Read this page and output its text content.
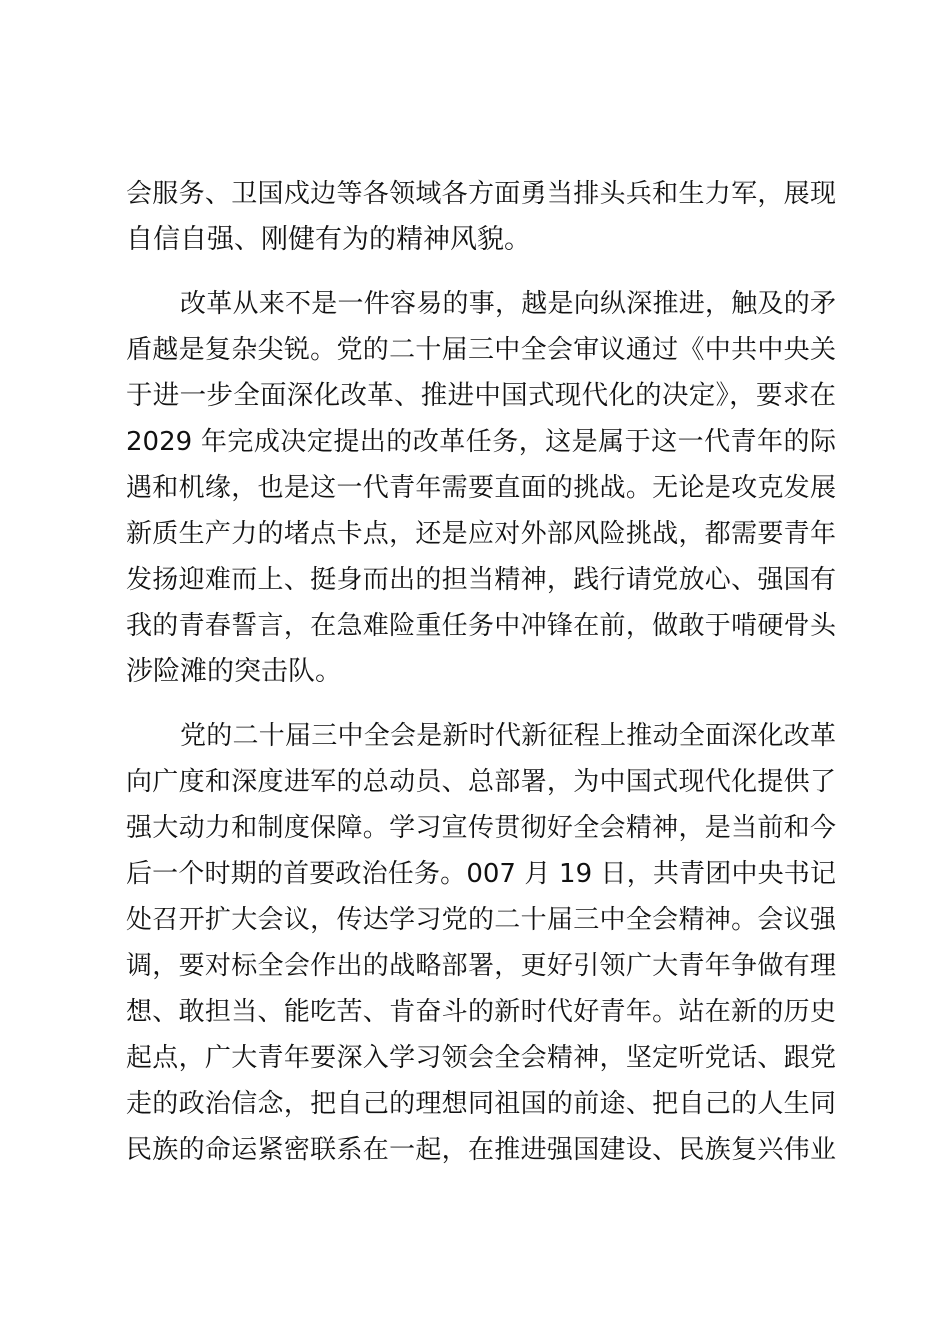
会服务、卫国戍边等各领域各方面勇当排头兵和生力军，展现
自信自强、刚健有为的精神风貌。
改革从来不是一件容易的事，越是向纵深推进，触及的矛
盾越是复杂尖锐。党的二十届三中全会审议通过《中共中央关
于进一步全面深化改革、推进中国式现代化的决定》，要求在
2029 年完成决定提出的改革任务，这是属于这一代青年的际
遇和机缘，也是这一代青年需要直面的挑战。无论是攻克发展
新质生产力的堵点卡点，还是应对外部风险挑战，都需要青年
发扬迎难而上、挺身而出的担当精神，践行请党放心、强国有
我的青春誓言，在急难险重任务中冲锋在前，做敢于啃硬骨头
涉险滩的突击队。
党的二十届三中全会是新时代新征程上推动全面深化改革
向广度和深度进军的总动员、总部署，为中国式现代化提供了
强大动力和制度保障。学习宣传贯彻好全会精神，是当前和今
后一个时期的首要政治任务。007 月 19 日，共青团中央书记
处召开扩大会议，传达学习党的二十届三中全会精神。会议强
调，要对标全会作出的战略部署，更好引领广大青年争做有理
想、敢担当、能吃苦、肯奋斗的新时代好青年。站在新的历史
起点，广大青年要深入学习领会全会精神，坚定听党话、跟党
走的政治信念，把自己的理想同祖国的前途、把自己的人生同
民族的命运紧密联系在一起，在推进强国建设、民族复兴伟业
